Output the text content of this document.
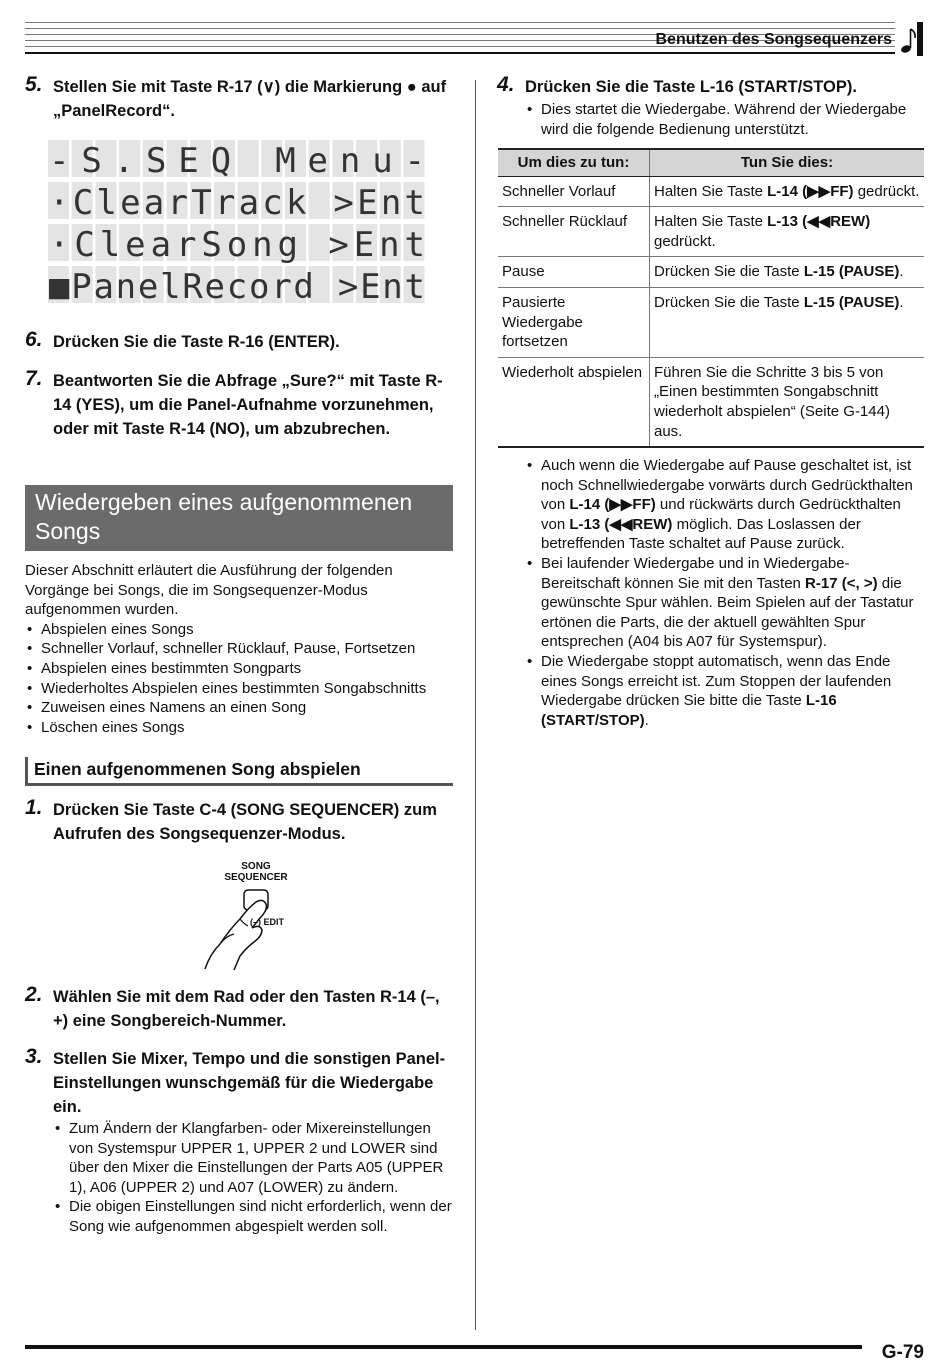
Benutzen des Songsequenzers
5. Stellen Sie mit Taste R-17 (∨) die Markierung ● auf „PanelRecord“.
-S.SEQ Menu-
·ClearTrack >Ent
·ClearSong >Ent
■PanelRecord >Ent
6. Drücken Sie die Taste R-16 (ENTER).
7. Beantworten Sie die Abfrage „Sure?“ mit Taste R-14 (YES), um die Panel-Aufnahme vorzunehmen, oder mit Taste R-14 (NO), um abzubrechen.
Wiedergeben eines aufgenommenen Songs
Dieser Abschnitt erläutert die Ausführung der folgenden Vorgänge bei Songs, die im Songsequenzer-Modus aufgenommen wurden.
• Abspielen eines Songs
• Schneller Vorlauf, schneller Rücklauf, Pause, Fortsetzen
• Abspielen eines bestimmten Songparts
• Wiederholtes Abspielen eines bestimmten Songabschnitts
• Zuweisen eines Namens an einen Song
• Löschen eines Songs
Einen aufgenommenen Song abspielen
1. Drücken Sie Taste C-4 (SONG SEQUENCER) zum Aufrufen des Songsequenzer-Modus.
SONG
SEQUENCER
(–) EDIT
2. Wählen Sie mit dem Rad oder den Tasten R-14 (–, +) eine Songbereich-Nummer.
3. Stellen Sie Mixer, Tempo und die sonstigen Panel-Einstellungen wunschgemäß für die Wiedergabe ein.
• Zum Ändern der Klangfarben- oder Mixereinstellungen von Systemspur UPPER 1, UPPER 2 und LOWER sind über den Mixer die Einstellungen der Parts A05 (UPPER 1), A06 (UPPER 2) und A07 (LOWER) zu ändern.
• Die obigen Einstellungen sind nicht erforderlich, wenn der Song wie aufgenommen abgespielt werden soll.
4. Drücken Sie die Taste L-16 (START/STOP).
• Dies startet die Wiedergabe. Während der Wiedergabe wird die folgende Bedienung unterstützt.
Um dies zu tun:	Tun Sie dies:
Schneller Vorlauf	Halten Sie Taste L-14 (▶▶FF) gedrückt.
Schneller Rücklauf	Halten Sie Taste L-13 (◀◀REW) gedrückt.
Pause	Drücken Sie die Taste L-15 (PAUSE).
Pausierte Wiedergabe fortsetzen	Drücken Sie die Taste L-15 (PAUSE).
Wiederholt abspielen	Führen Sie die Schritte 3 bis 5 von „Einen bestimmten Songabschnitt wiederholt abspielen“ (Seite G-144) aus.
• Auch wenn die Wiedergabe auf Pause geschaltet ist, ist noch Schnellwiedergabe vorwärts durch Gedrückthalten von L-14 (▶▶FF) und rückwärts durch Gedrückthalten von L-13 (◀◀REW) möglich. Das Loslassen der betreffenden Taste schaltet auf Pause zurück.
• Bei laufender Wiedergabe und in Wiedergabe-Bereitschaft können Sie mit den Tasten R-17 (<, >) die gewünschte Spur wählen. Beim Spielen auf der Tastatur ertönen die Parts, die der aktuell gewählten Spur entsprechen (A04 bis A07 für Systemspur).
• Die Wiedergabe stoppt automatisch, wenn das Ende eines Songs erreicht ist. Zum Stoppen der laufenden Wiedergabe drücken Sie bitte die Taste L-16 (START/STOP).
G-79
